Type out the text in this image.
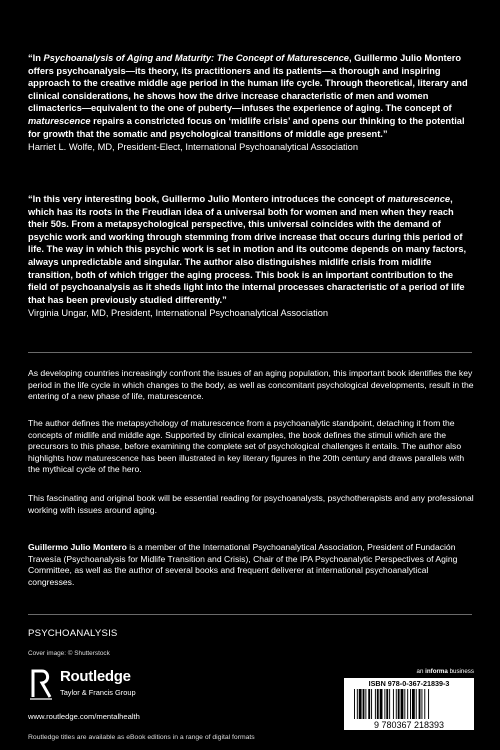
“In Psychoanalysis of Aging and Maturity: The Concept of Maturescence, Guillermo Julio Montero offers psychoanalysis—its theory, its practitioners and its patients—a thorough and inspiring approach to the creative middle age period in the human life cycle. Through theoretical, literary and clinical considerations, he shows how the drive increase characteristic of men and women climacterics—equivalent to the one of puberty—infuses the experience of aging. The concept of maturescence repairs a constricted focus on ‘midlife crisis’ and opens our thinking to the potential for growth that the somatic and psychological transitions of middle age present.”
Harriet L. Wolfe, MD, President-Elect, International Psychoanalytical Association
“In this very interesting book, Guillermo Julio Montero introduces the concept of maturescence, which has its roots in the Freudian idea of a universal both for women and men when they reach their 50s. From a metapsychological perspective, this universal coincides with the demand of psychic work and working through stemming from drive increase that occurs during this period of life. The way in which this psychic work is set in motion and its outcome depends on many factors, always unpredictable and singular. The author also distinguishes midlife crisis from midlife transition, both of which trigger the aging process. This book is an important contribution to the field of psychoanalysis as it sheds light into the internal processes characteristic of a period of life that has been previously studied differently.”
Virginia Ungar, MD, President, International Psychoanalytical Association
As developing countries increasingly confront the issues of an aging population, this important book identifies the key period in the life cycle in which changes to the body, as well as concomitant psychological developments, result in the entering of a new phase of life, maturescence.
The author defines the metapsychology of maturescence from a psychoanalytic standpoint, detaching it from the concepts of midlife and middle age. Supported by clinical examples, the book defines the stimuli which are the precursors to this phase, before examining the complete set of psychological challenges it entails. The author also highlights how maturescence has been illustrated in key literary figures in the 20th century and draws parallels with the mythical cycle of the hero.
This fascinating and original book will be essential reading for psychoanalysts, psychotherapists and any professional working with issues around aging.
Guillermo Julio Montero is a member of the International Psychoanalytical Association, President of Fundación Travesía (Psychoanalysis for Midlife Transition and Crisis), Chair of the IPA Psychoanalytic Perspectives of Aging Committee, as well as the author of several books and frequent deliverer at international psychoanalytical congresses.
PSYCHOANALYSIS
Cover image: © Shutterstock
Routledge
Taylor & Francis Group
www.routledge.com/mentalhealth
Routledge titles are available as eBook editions in a range of digital formats
an informa business
ISBN 978-0-367-21839-3
9 780367 218393
